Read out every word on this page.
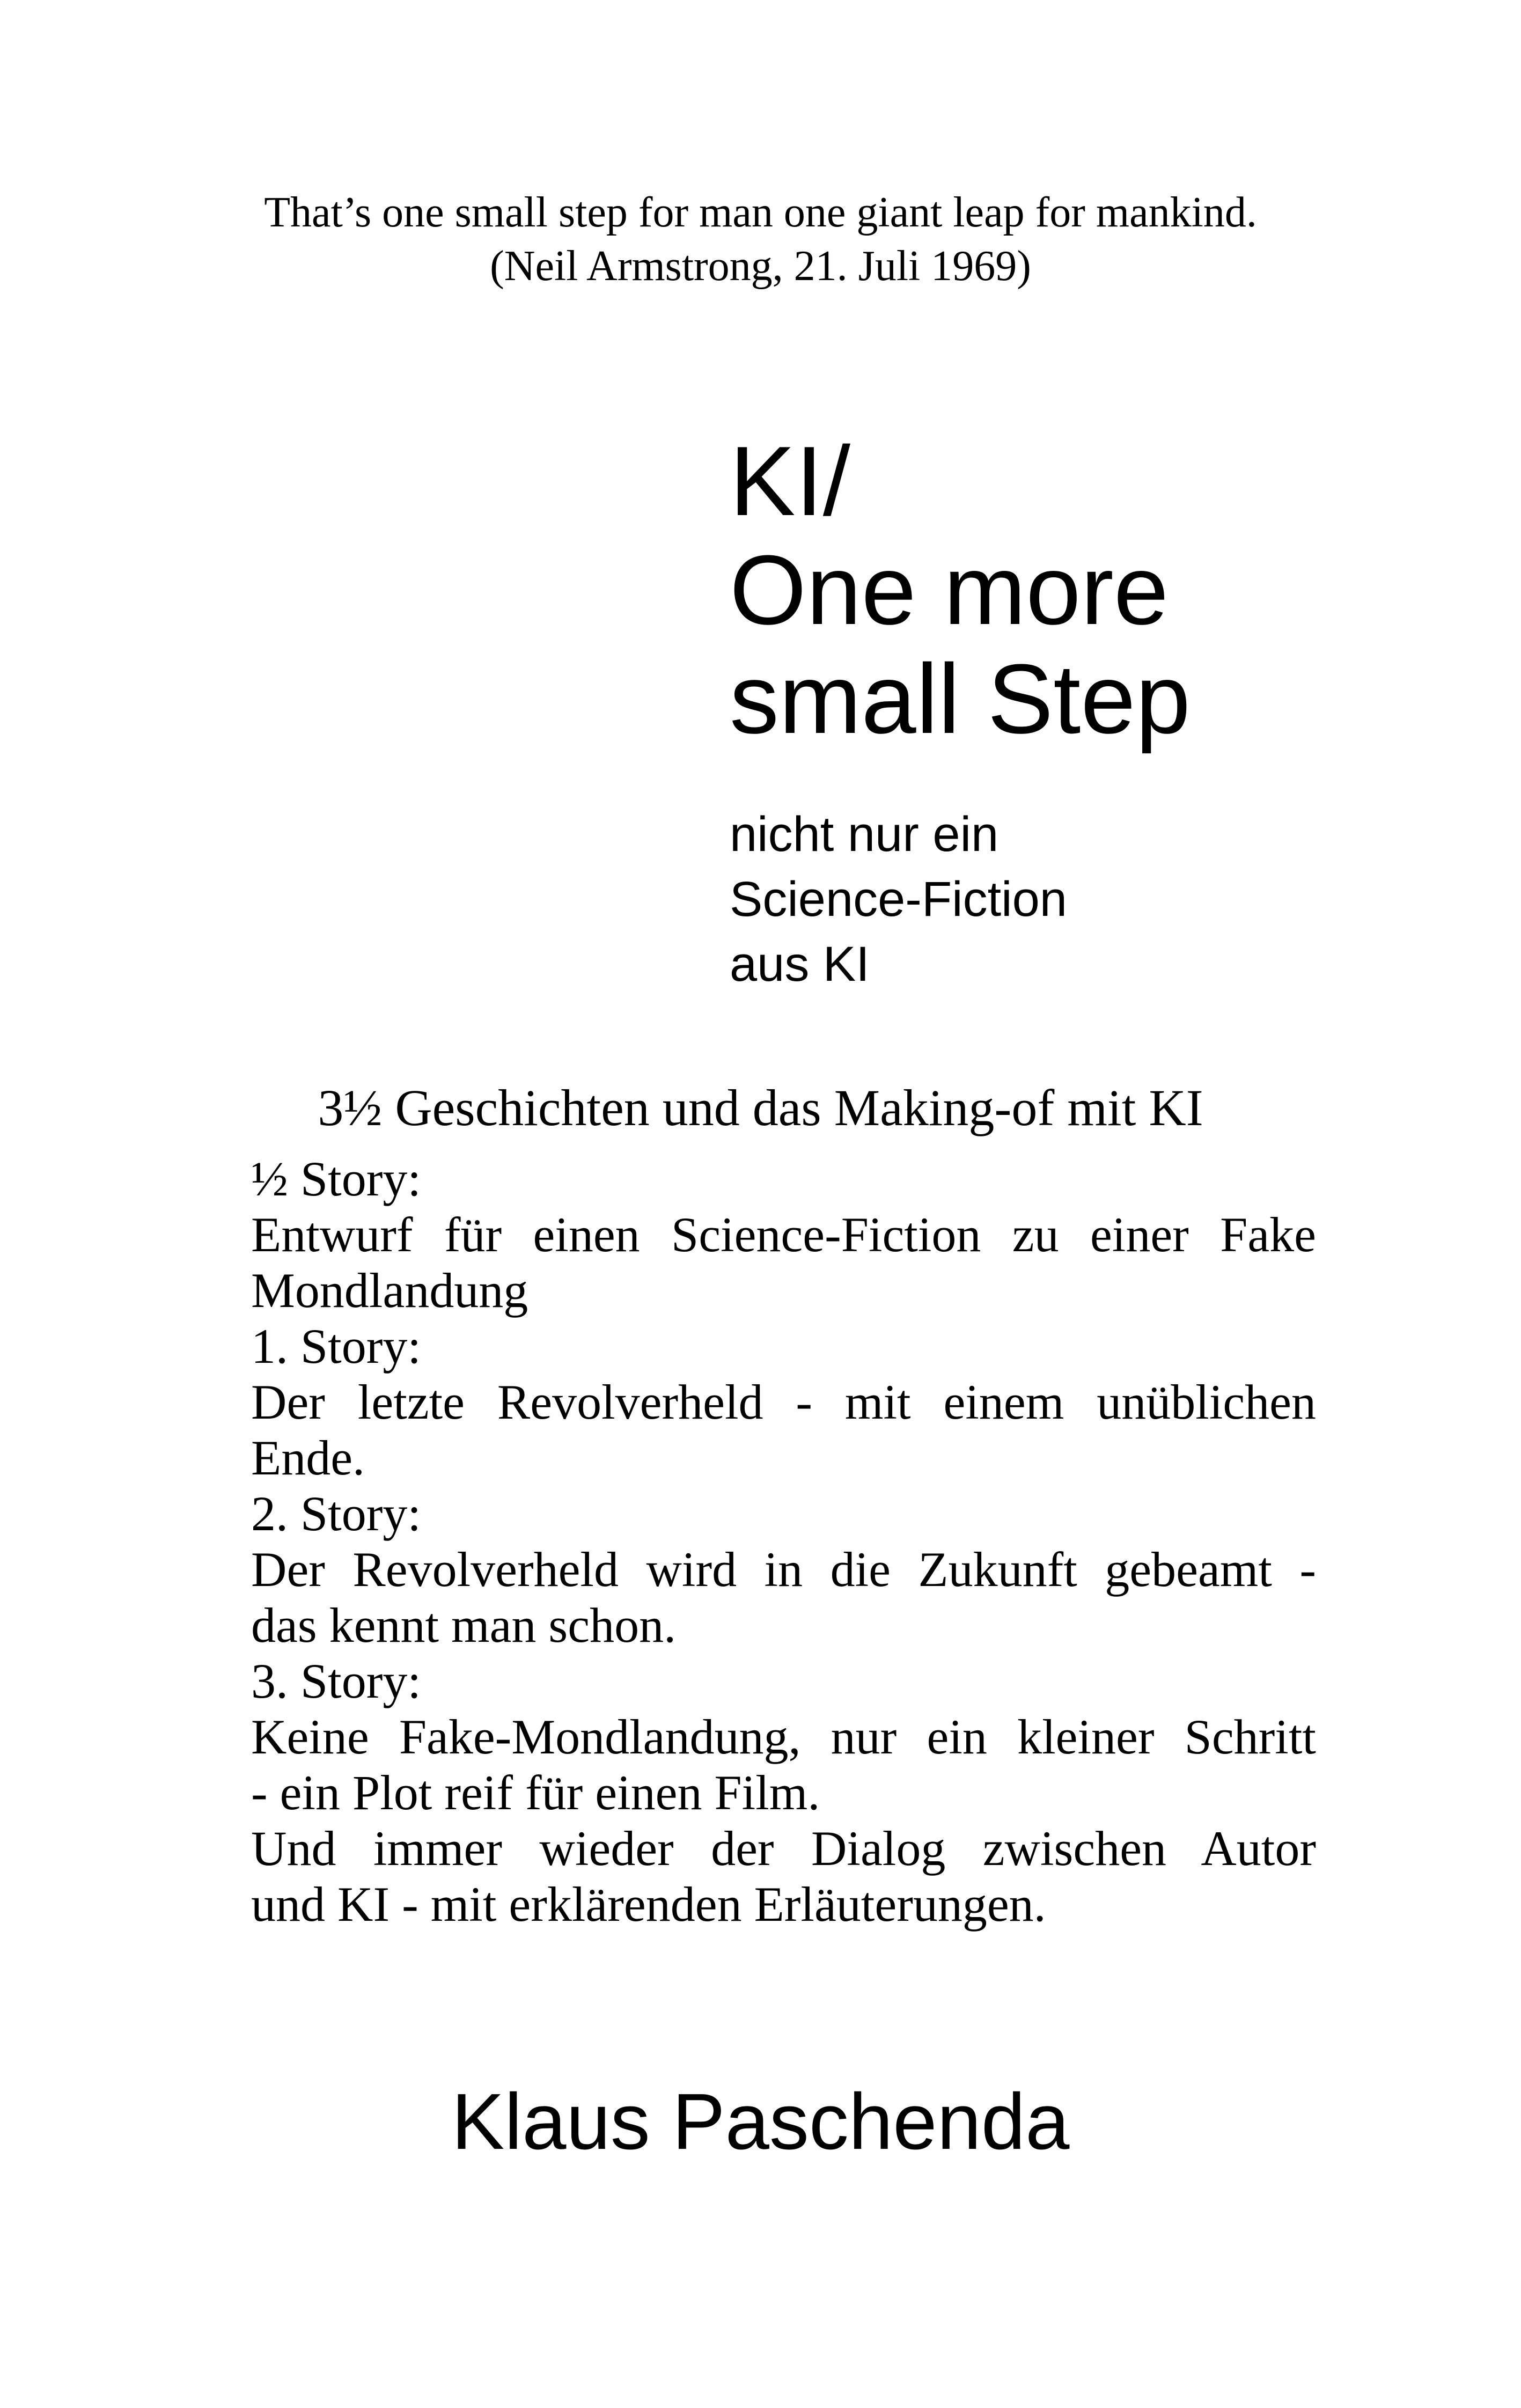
That’s one small step for man one giant leap for mankind.
(Neil Armstrong, 21. Juli 1969)
KI/
One more
small Step
nicht nur ein
Science-Fiction
aus KI
3½ Geschichten und das Making-of mit KI
½ Story:
Entwurf für einen Science-Fiction zu einer Fake
Mondlandung
1. Story:
Der letzte Revolverheld - mit einem unüblichen
Ende.
2. Story:
Der Revolverheld wird in die Zukunft gebeamt -
das kennt man schon.
3. Story:
Keine Fake-Mondlandung, nur ein kleiner Schritt
- ein Plot reif für einen Film.
Und immer wieder der Dialog zwischen Autor
und KI - mit erklärenden Erläuterungen.
Klaus Paschenda
